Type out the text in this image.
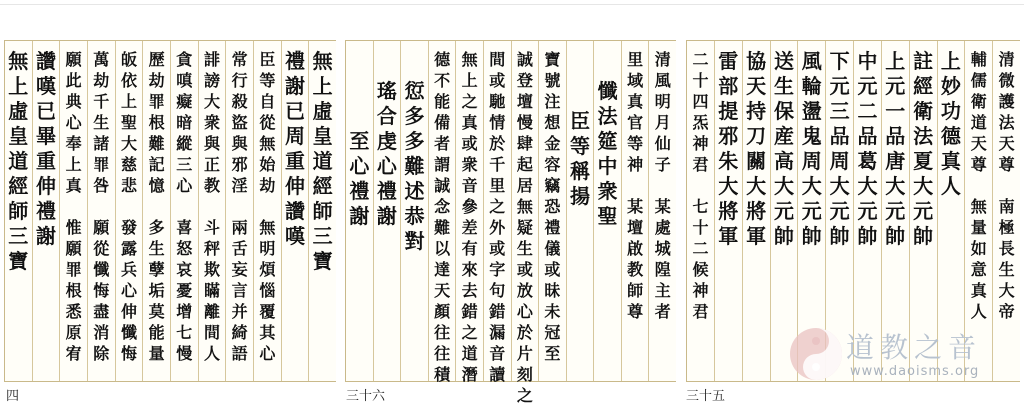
無
上
虛
皇
道
經
師
三
寶
禮
謝
已
周
重
伸
讚
嘆
臣
等
自
從
無
始
劫

無
明
煩
惱
覆
其
心
常
行
殺
盜
與
邪
淫

兩
舌
妄
言
并
綺
語
誹
謗
大
衆
與
正
教

斗
秤
欺
瞞
離
間
人
貪
嗔
癡
暗
縱
三
心

喜
怒
哀
憂
增
七
慢
歷
劫
罪
根
難
記
憶

多
生
孽
垢
莫
能
量
皈
依
上
聖
大
慈
悲

發
露
兵
心
伸
懺
悔
萬
劫
千
生
諸
罪
咎

願
從
懺
悔
盡
消
除
願
此
典
心
奉
上
真

惟
願
罪
根
悉
原
宥
讚
嘆
已
畢
重
伸
禮
謝
無
上
虛
皇
道
經
師
三
寶
四
清
風
明
月
仙
子

某
處
城
隍
主
者
里
域
真
官
等
神

某
壇
啟
教
師
尊
懺
法
筵
中
衆
聖
臣
等
稱
揚
寶
號
注
想
金
容
竊
恐
禮
儀
或
昧
未
冠
至
誠
登
壇
慢
肆
起
居
無
疑
生
或
放
心
於
片
刻
之
間
或
馳
情
於
千
里
之
外
或
字
句
錯
漏
音
讀
無
上
之
真
或
衆
音
參
差
有
來
去
錯
之
道
潛
德
不
能
備
者
謂
誠
念
難
以
達
天
顏
往
往
積
愆
多
多
難
述
恭
對
瑤
合
虔
心
禮
謝
至
心
禮
謝
三十六
清
微
護
法
天
尊

南
極
長
生
大
帝
輔
儒
衛
道
天
尊

無
量
如
意
真
人
上
妙
功
德
真
人
註
經
衛
法
夏
大
元
帥
上
元
一
品
唐
大
元
帥
中
元
二
品
葛
大
元
帥
下
元
三
品
周
大
元
帥
風
輪
盪
鬼
周
大
元
帥
送
生
保
産
高
大
元
帥
協
天
持
刀
關
大
將
軍
雷
部
提
邪
朱
大
將
軍
二
十
四
炁
神
君

七
十
二
候
神
君
三十五
道教之音
www.daoisms.org
